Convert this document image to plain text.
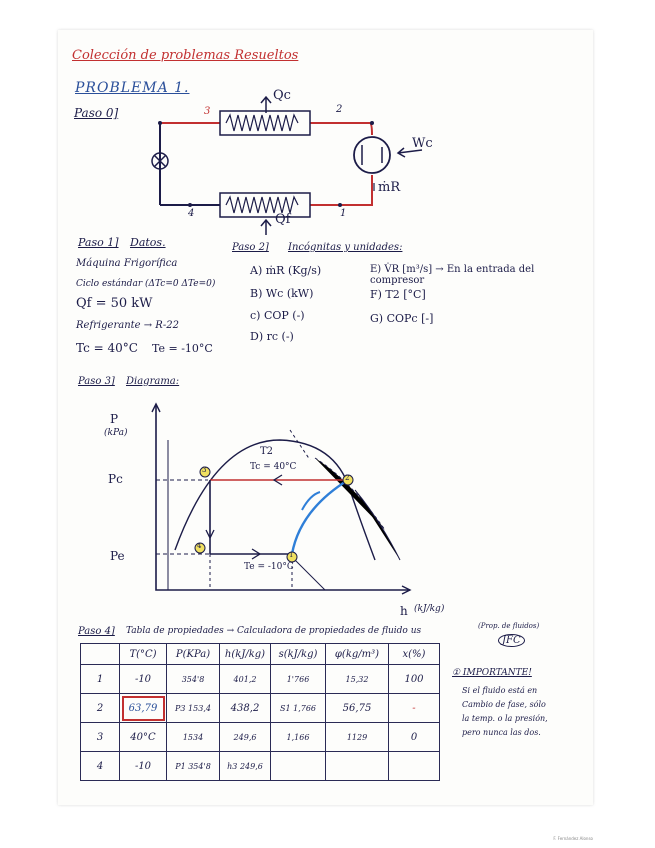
Colección de problemas Resueltos
PROBLEMA 1.
Paso 0]
Qc
Qf
Wc
ṁR
3	2
4	1
Paso 1] Datos.
Máquina Frigorífica
Ciclo estándar (ΔTc=0 ΔTe=0)
Qf = 50 kW
Refrigerante → R-22
Tc = 40°C Te = -10°C
Paso 2] Incógnitas y unidades:
A) ṁR (Kg/s)
B) Wc (kW)
c) COP (-)
D) rc (-)
E) V̇R [m³/s] → En la entrada del compresor
F) T2 [°C]
G) COPc [-]
Paso 3] Diagrama:
P
(kPa)
Pc
Pe
h (kJ/kg)
T2
Tc = 40°C
Te = -10°C
3
2
4
1
Paso 4] Tabla de propiedades → Calculadora de propiedades de fluido us	(Prop. de fluidos)
JFC
	T(°C)	P(KPa)	h(kJ/kg)	s(kJ/kg)	φ(kg/m³)	x(%)
1	-10	354'8	401,2	1'766	15,32	100
2	63,79	P3 153,4	438,2	S1 1,766	56,75	-
3	40°C	1534	249,6	1,166	1129	0
4	-10	P1 354'8	h3 249,6			
① IMPORTANTE!
Si el fluido está en
Cambio de fase, sólo
la temp. o la presión,
pero nunca las dos.
F. Fernández Alonso
